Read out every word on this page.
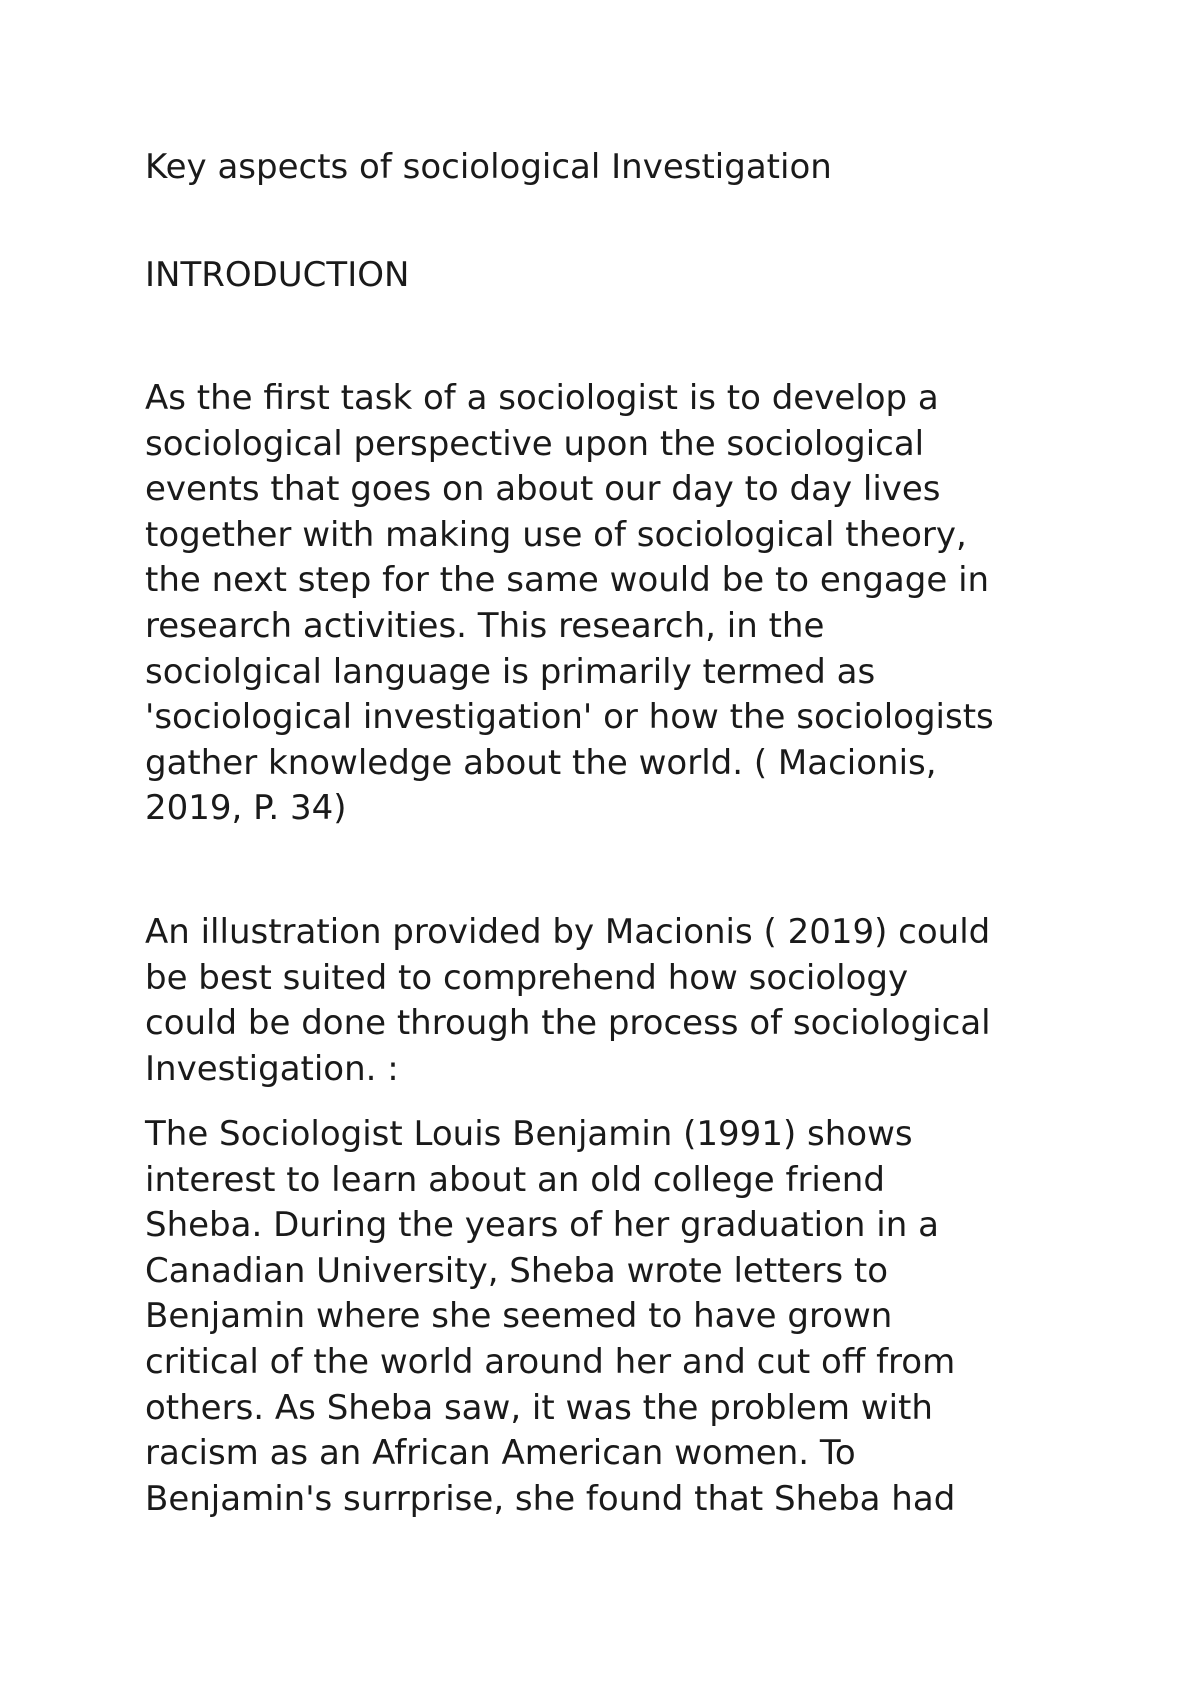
Key aspects of sociological Investigation
INTRODUCTION

As the first task of a sociologist is to develop a
sociological perspective upon the sociological
events that goes on about our day to day lives
together with making use of sociological theory,
the next step for the same would be to engage in
research activities. This research, in the
sociolgical language is primarily termed as
'sociological investigation' or how the sociologists
gather knowledge about the world. ( Macionis,
2019, P. 34)

An illustration provided by Macionis ( 2019) could
be best suited to comprehend how sociology
could be done through the process of sociological
Investigation. :

The Sociologist Louis Benjamin (1991) shows
interest to learn about an old college friend
Sheba. During the years of her graduation in a
Canadian University, Sheba wrote letters to
Benjamin where she seemed to have grown
critical of the world around her and cut off from
others. As Sheba saw, it was the problem with
racism as an African American women. To
Benjamin's surrprise, she found that Sheba had
